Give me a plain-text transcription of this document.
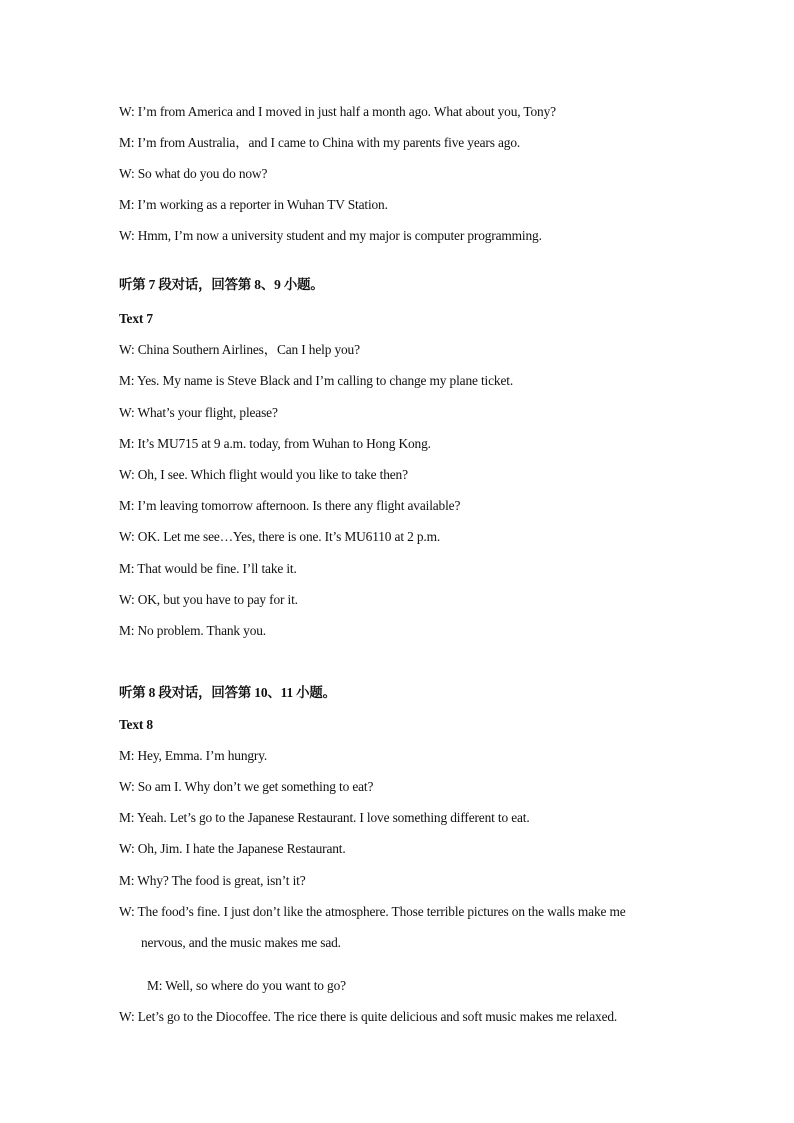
W: I’m from America and I moved in just half a month ago. What about you, Tony?
M: I’m from Australia，and I came to China with my parents five years ago.
W: So what do you do now?
M: I’m working as a reporter in Wuhan TV Station.
W: Hmm, I’m now a university student and my major is computer programming.
听第 7 段对话，回答第 8、9 小题。
Text 7
W: China Southern Airlines，Can I help you?
M: Yes. My name is Steve Black and I’m calling to change my plane ticket.
W: What’s your flight, please?
M: It’s MU715 at 9 a.m. today, from Wuhan to Hong Kong.
W: Oh, I see. Which flight would you like to take then?
M: I’m leaving tomorrow afternoon. Is there any flight available?
W: OK. Let me see…Yes, there is one. It’s MU6110 at 2 p.m.
M: That would be fine. I’ll take it.
W: OK, but you have to pay for it.
M: No problem. Thank you.
听第 8 段对话，回答第 10、11 小题。
Text 8
M: Hey, Emma. I’m hungry.
W: So am I. Why don’t we get something to eat?
M: Yeah. Let’s go to the Japanese Restaurant. I love something different to eat.
W: Oh, Jim. I hate the Japanese Restaurant.
M: Why? The food is great, isn’t it?
W: The food’s fine. I just don’t like the atmosphere. Those terrible pictures on the walls make me
nervous, and the music makes me sad.
M: Well, so where do you want to go?
W: Let’s go to the Diocoffee. The rice there is quite delicious and soft music makes me relaxed.
